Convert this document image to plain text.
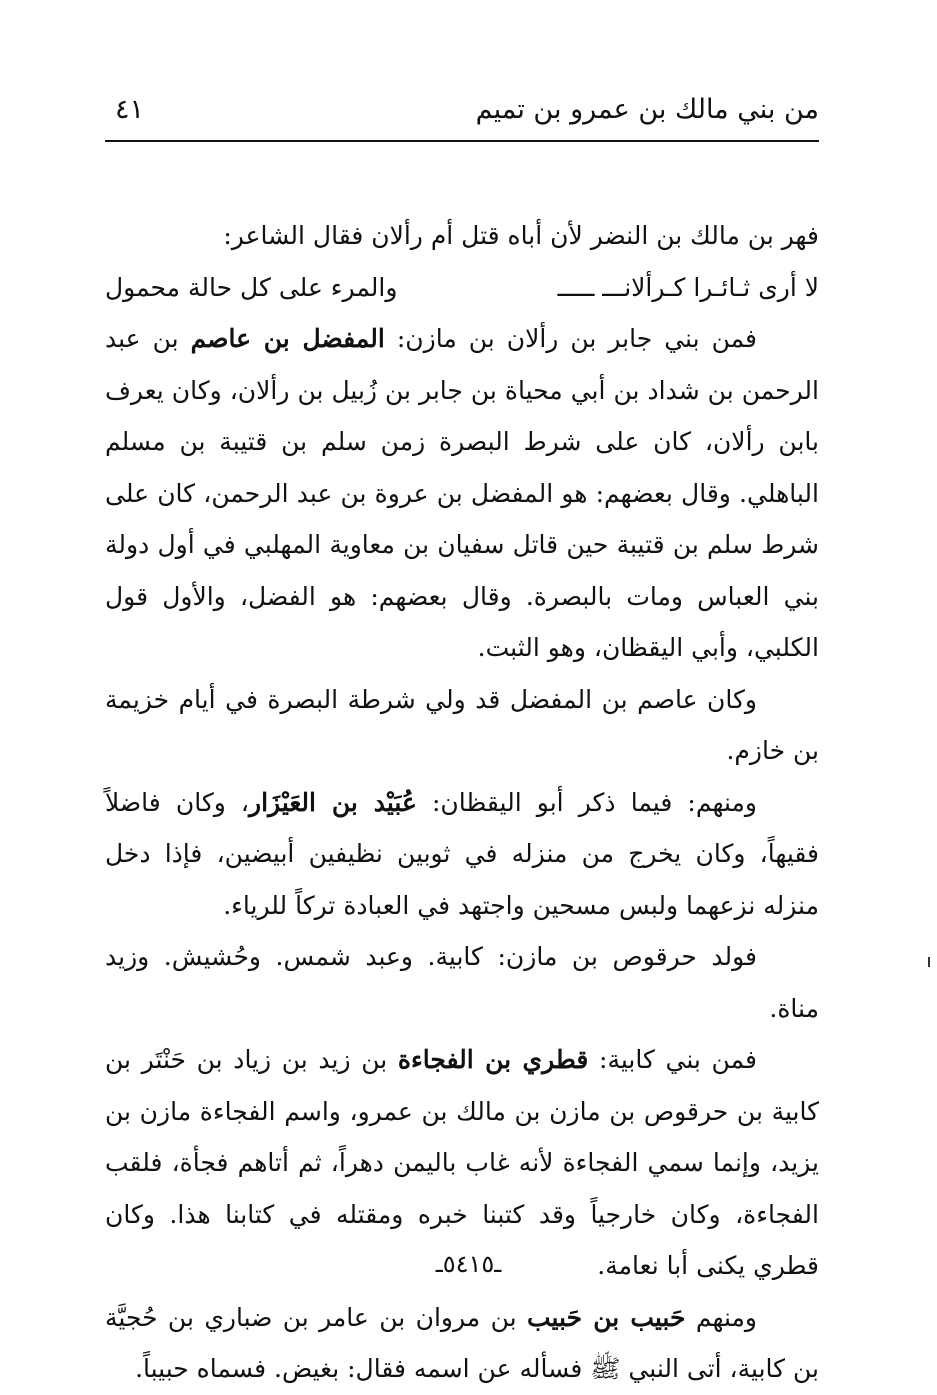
من بني مالك بن عمرو بن تميم
٤١

فهر بن مالك بن النضر لأن أباه قتل أم رألان فقال الشاعر:

لا أرى ثـائـرا كـرألانـــ ـــــ
والمرء على كل حالة محمول

فمن بني جابر بن رألان بن مازن: المفضل بن عاصم بن عبد الرحمن بن شداد بن أبي محياة بن جابر بن زُبيل بن رألان، وكان يعرف بابن رألان، كان على شرط البصرة زمن سلم بن قتيبة بن مسلم الباهلي. وقال بعضهم: هو المفضل بن عروة بن عبد الرحمن، كان على شرط سلم بن قتيبة حين قاتل سفيان بن معاوية المهلبي في أول دولة بني العباس ومات بالبصرة. وقال بعضهم: هو الفضل، والأول قول الكلبي، وأبي اليقظان، وهو الثبت.

وكان عاصم بن المفضل قد ولي شرطة البصرة في أيام خزيمة بن خازم.

ومنهم: فيما ذكر أبو اليقظان: عُبَيْد بن العَيْزَار، وكان فاضلاً فقيهاً، وكان يخرج من منزله في ثوبين نظيفين أبيضين، فإذا دخل منزله نزعهما ولبس مسحين واجتهد في العبادة تركاً للرياء.

فولد حرقوص بن مازن: كابية. وعبد شمس. وحُشيش. وزيد مناة.

فمن بني كابية: قطري بن الفجاءة بن زيد بن زياد بن حَنْتَر بن كابية بن حرقوص بن مازن بن مالك بن عمرو، واسم الفجاءة مازن بن يزيد، وإنما سمي الفجاءة لأنه غاب باليمن دهراً، ثم أتاهم فجأة، فلقب الفجاءة، وكان خارجياً وقد كتبنا خبره ومقتله في كتابنا هذا. وكان قطري يكنى أبا نعامة.

ومنهم حَبيب بن حَبيب بن مروان بن عامر بن ضباري بن حُجيَّة بن كابية، أتى النبي ﷺ فسأله عن اسمه فقال: بغيض. فسماه حبيباً.

ـ٥٤١٥ـ
